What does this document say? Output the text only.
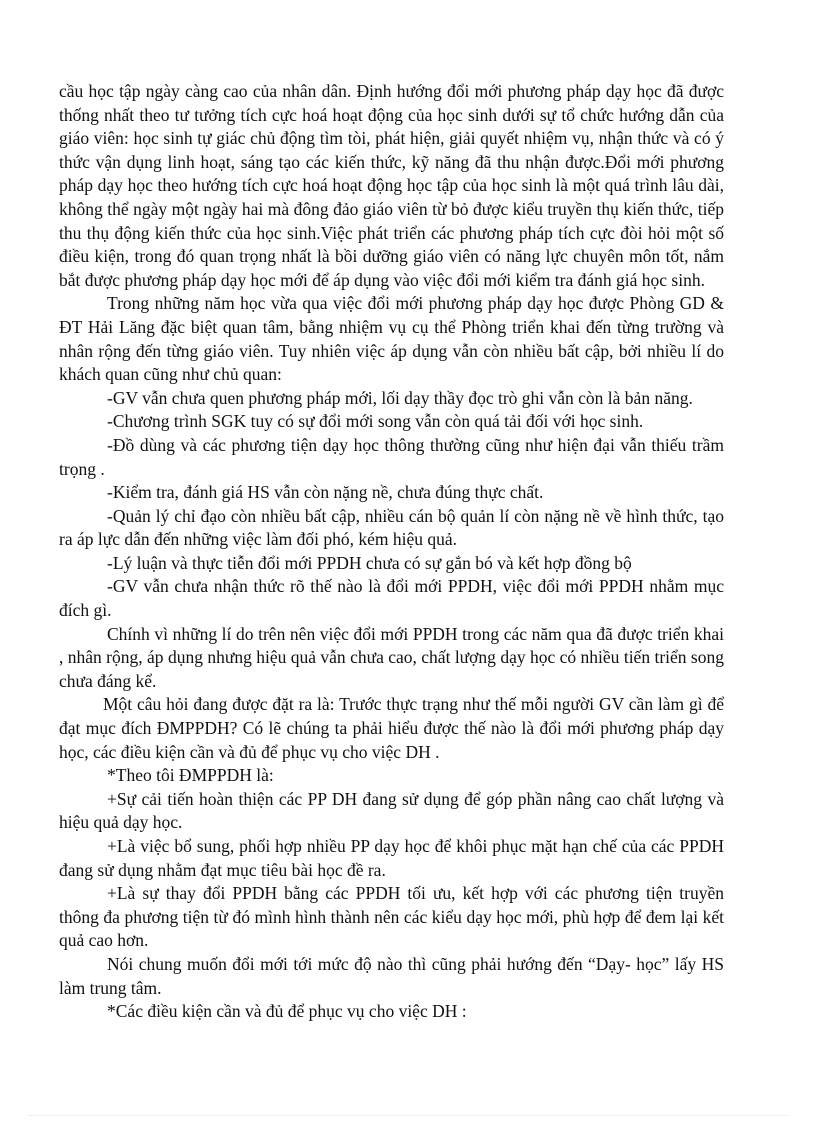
cầu học tập ngày càng cao của nhân dân. Định hướng đổi mới phương pháp dạy học đã được thống nhất theo tư tưởng tích cực hoá hoạt động của học sinh dưới sự tổ chức hướng dẫn của giáo viên: học sinh tự giác chủ động tìm tòi, phát hiện, giải quyết nhiệm vụ, nhận thức và có ý thức vận dụng linh hoạt, sáng tạo các kiến thức, kỹ năng đã thu nhận được.Đổi mới phương pháp dạy học theo hướng tích cực hoá hoạt động học tập của học sinh là một quá trình lâu dài, không thể ngày một ngày hai mà đông đảo giáo viên từ bỏ được kiểu truyền thụ kiến thức, tiếp thu thụ động kiến thức của học sinh.Việc phát triển các phương pháp tích cực đòi hỏi một số điều kiện, trong đó quan trọng nhất là bồi dưỡng giáo viên có năng lực chuyên môn tốt, nắm bắt được phương pháp dạy học mới để áp dụng vào việc đổi mới kiểm tra đánh giá học sinh.

Trong những năm học vừa qua việc đổi mới phương pháp dạy học được Phòng GD & ĐT Hải Lăng đặc biệt quan tâm, bằng nhiệm vụ cụ thể Phòng triển khai đến từng trường và nhân rộng đến từng giáo viên. Tuy nhiên việc áp dụng vẫn còn nhiều bất cập, bởi nhiều lí do khách quan cũng như chủ quan:

-GV vẫn chưa quen phương pháp mới, lối dạy thầy đọc trò ghi vẫn còn là bản năng.

-Chương trình SGK tuy có sự đổi mới song vẫn còn quá tải đối với học sinh.

-Đồ dùng và các phương tiện dạy học thông thường cũng như hiện đại vẫn thiếu trầm trọng .

-Kiểm tra, đánh giá HS vẫn còn nặng nề, chưa đúng thực chất.

-Quản lý chỉ đạo còn nhiều bất cập, nhiều cán bộ quản lí còn nặng nề về hình thức, tạo ra áp lực dẫn đến những việc làm đối phó, kém hiệu quả.

-Lý luận và thực tiễn đổi mới PPDH chưa có sự gắn bó và kết hợp đồng bộ

-GV vẫn chưa nhận thức rõ thế nào là đổi mới PPDH, việc đổi mới PPDH nhằm mục đích gì.

Chính vì những lí do trên nên việc đổi mới PPDH trong các năm qua đã được triển khai , nhân rộng, áp dụng nhưng hiệu quả vẫn chưa cao, chất lượng dạy học có nhiều tiến triển song chưa đáng kể.

Một câu hỏi đang được đặt ra là: Trước thực trạng như thế mỗi người GV cần làm gì để đạt mục đích ĐMPPDH? Có lẽ chúng ta phải hiểu được thế nào là đổi mới phương pháp dạy học, các điều kiện cần và đủ để phục vụ cho việc DH .

*Theo tôi ĐMPPDH là:

+Sự cải tiến hoàn thiện các PP DH đang sử dụng để góp phần nâng cao chất lượng và hiệu quả dạy học.

+Là việc bổ sung, phối hợp nhiều PP dạy học để khôi phục mặt hạn chế của các PPDH đang sử dụng nhằm đạt mục tiêu bài học đề ra.

+Là sự thay đổi PPDH bằng các PPDH tối ưu, kết hợp với các phương tiện truyền thông đa phương tiện từ đó mình hình thành nên các kiểu dạy học mới, phù hợp để đem lại kết quả cao hơn.

Nói chung muốn đổi mới tới mức độ nào thì cũng phải hướng đến “Dạy- học” lấy HS làm trung tâm.

*Các điều kiện cần và đủ để phục vụ cho việc DH :
